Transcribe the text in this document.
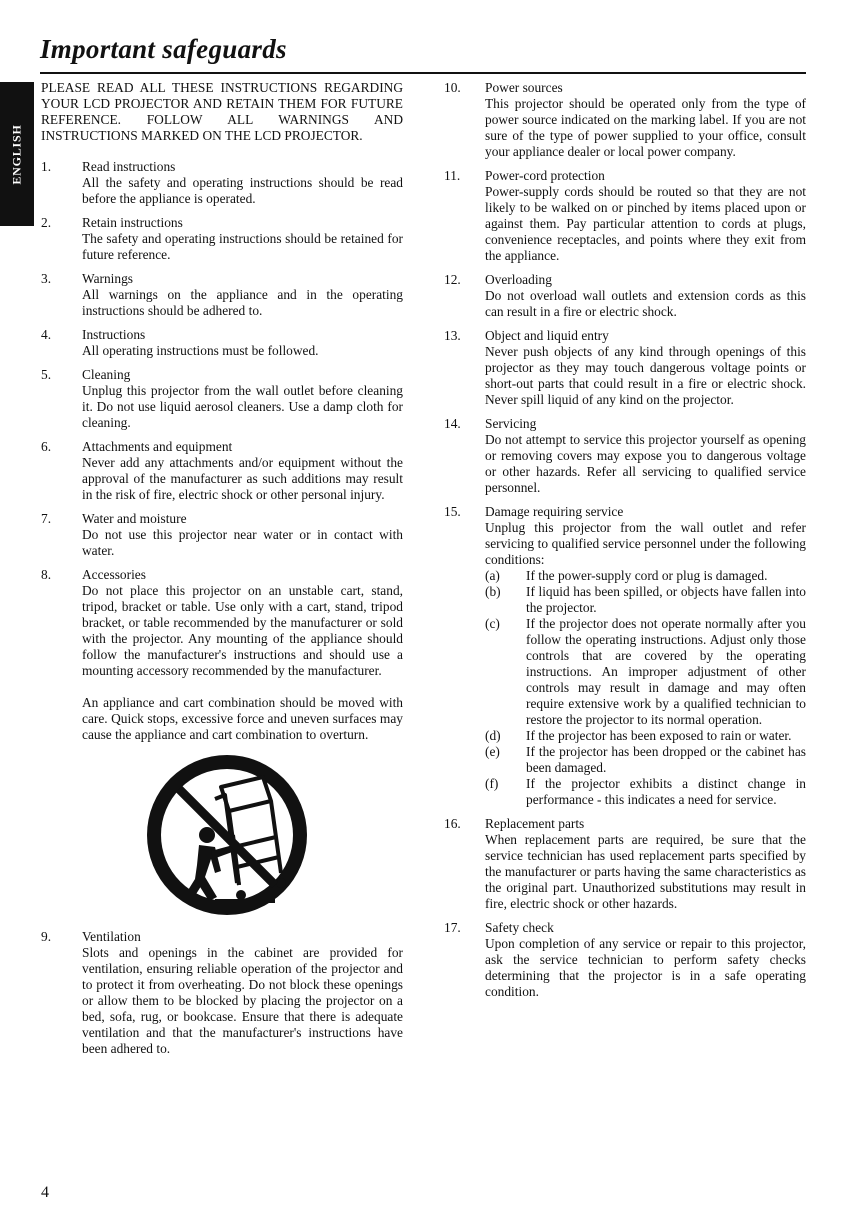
Important safeguards
ENGLISH

PLEASE READ ALL THESE INSTRUCTIONS REGARDING YOUR LCD PROJECTOR AND RETAIN THEM FOR FUTURE REFERENCE. FOLLOW ALL WARNINGS AND INSTRUCTIONS MARKED ON THE LCD PROJECTOR.

1.	Read instructions
All the safety and operating instructions should be read before the appliance is operated.
2.	Retain instructions
The safety and operating instructions should be retained for future reference.
3.	Warnings
All warnings on the appliance and in the operating instructions should be adhered to.
4.	Instructions
All operating instructions must be followed.
5.	Cleaning
Unplug this projector from the wall outlet before cleaning it. Do not use liquid aerosol cleaners. Use a damp cloth for cleaning.
6.	Attachments and equipment
Never add any attachments and/or equipment without the approval of the manufacturer as such additions may result in the risk of fire, electric shock or other personal injury.
7.	Water and moisture
Do not use this projector near water or in contact with water.
8.	Accessories
Do not place this projector on an unstable cart, stand, tripod, bracket or table. Use only with a cart, stand, tripod bracket, or table recommended by the manufacturer or sold with the projector. Any mounting of the appliance should follow the manufacturer's instructions and should use a mounting accessory recommended by the manufacturer.
An appliance and cart combination should be moved with care. Quick stops, excessive force and uneven surfaces may cause the appliance and cart combination to overturn.
9.	Ventilation
Slots and openings in the cabinet are provided for ventilation, ensuring reliable operation of the projector and to protect it from overheating. Do not block these openings or allow them to be blocked by placing the projector on a bed, sofa, rug, or bookcase. Ensure that there is adequate ventilation and that the manufacturer's instructions have been adhered to.
10.	Power sources
This projector should be operated only from the type of power source indicated on the marking label. If you are not sure of the type of power supplied to your office, consult your appliance dealer or local power company.
11.	Power-cord protection
Power-supply cords should be routed so that they are not likely to be walked on or pinched by items placed upon or against them. Pay particular attention to cords at plugs, convenience receptacles, and points where they exit from the appliance.
12.	Overloading
Do not overload wall outlets and extension cords as this can result in a fire or electric shock.
13.	Object and liquid entry
Never push objects of any kind through openings of this projector as they may touch dangerous voltage points or short-out parts that could result in a fire or electric shock. Never spill liquid of any kind on the projector.
14.	Servicing
Do not attempt to service this projector yourself as opening or removing covers may expose you to dangerous voltage or other hazards. Refer all servicing to qualified service personnel.
15.	Damage requiring service
Unplug this projector from the wall outlet and refer servicing to qualified service personnel under the following conditions:
(a)	If the power-supply cord or plug is damaged.
(b)	If liquid has been spilled, or objects have fallen into the projector.
(c)	If the projector does not operate normally after you follow the operating instructions. Adjust only those controls that are covered by the operating instructions. An improper adjustment of other controls may result in damage and may often require extensive work by a qualified technician to restore the projector to its normal operation.
(d)	If the projector has been exposed to rain or water.
(e)	If the projector has been dropped or the cabinet has been damaged.
(f)	If the projector exhibits a distinct change in performance - this indicates a need for service.
16.	Replacement parts
When replacement parts are required, be sure that the service technician has used replacement parts specified by the manufacturer or parts having the same characteristics as the original part. Unauthorized substitutions may result in fire, electric shock or other hazards.
17.	Safety check
Upon completion of any service or repair to this projector, ask the service technician to perform safety checks determining that the projector is in a safe operating condition.
4
